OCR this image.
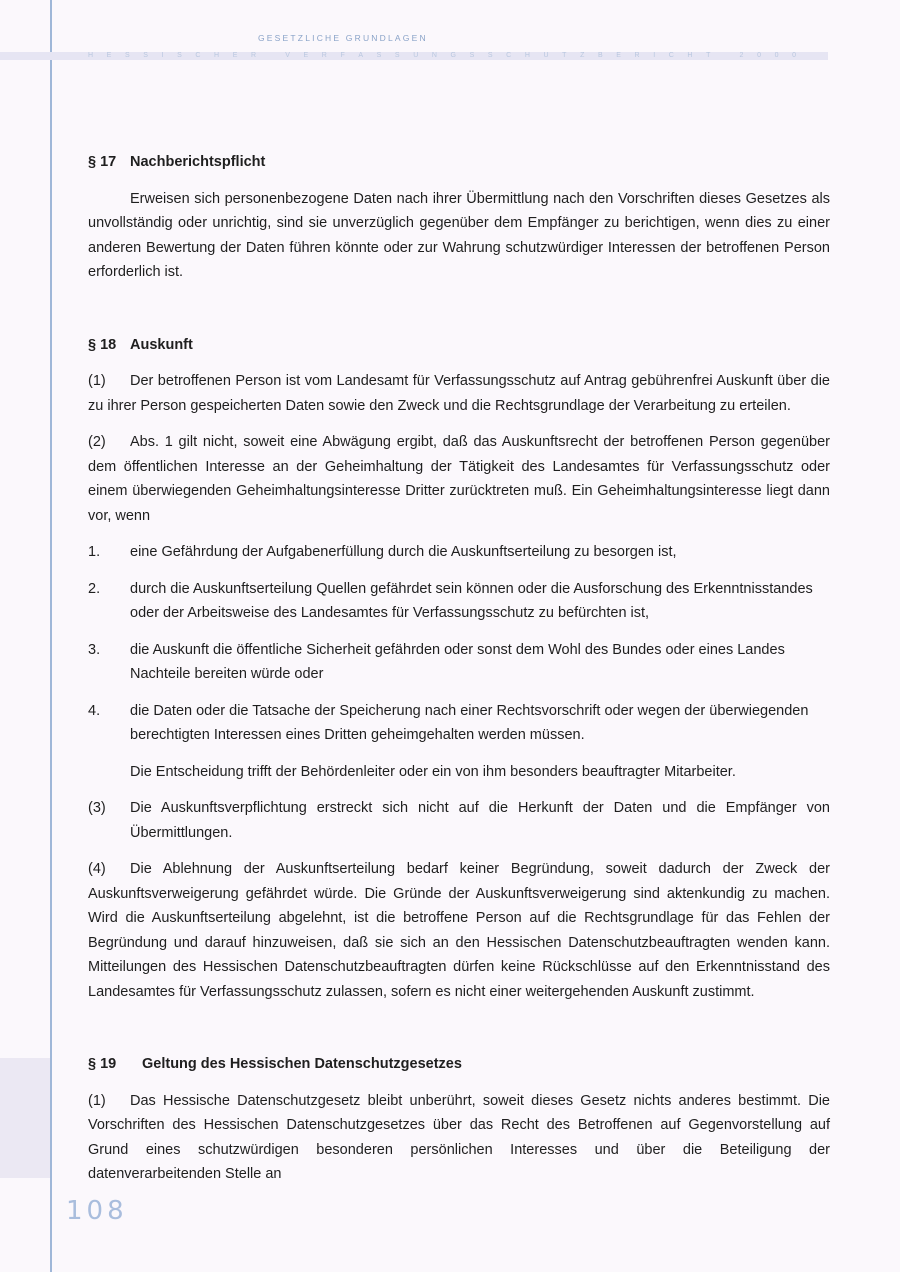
GESETZLICHE GRUNDLAGEN
H E S S I S C H E R
	V E R F A S S U N G S S C H U T Z B E R I C H T
	2 0 0 0

§ 17 Nachberichtspflicht

Erweisen sich personenbezogene Daten nach ihrer Übermittlung nach den Vorschriften dieses Gesetzes als unvollständig oder unrichtig, sind sie unverzüglich gegenüber dem Empfänger zu berichtigen, wenn dies zu einer anderen Bewertung der Daten führen könnte oder zur Wahrung schutzwürdiger Interessen der betroffenen Person erforderlich ist.

§ 18 Auskunft

(1) Der betroffenen Person ist vom Landesamt für Verfassungsschutz auf Antrag gebührenfrei Auskunft über die zu ihrer Person gespeicherten Daten sowie den Zweck und die Rechtsgrundlage der Verarbeitung zu erteilen.

(2) Abs. 1 gilt nicht, soweit eine Abwägung ergibt, daß das Auskunftsrecht der betroffenen Person gegenüber dem öffentlichen Interesse an der Geheimhaltung der Tätigkeit des Landesamtes für Verfassungsschutz oder einem überwiegenden Geheimhaltungsinteresse Dritter zurücktreten muß. Ein Geheimhaltungsinteresse liegt dann vor, wenn

1. eine Gefährdung der Aufgabenerfüllung durch die Auskunftserteilung zu besorgen ist,

2. durch die Auskunftserteilung Quellen gefährdet sein können oder die Ausforschung des Erkenntnisstandes oder der Arbeitsweise des Landesamtes für Verfassungsschutz zu befürchten ist,

3. die Auskunft die öffentliche Sicherheit gefährden oder sonst dem Wohl des Bundes oder eines Landes Nachteile bereiten würde oder

4. die Daten oder die Tatsache der Speicherung nach einer Rechtsvorschrift oder wegen der überwiegenden berechtigten Interessen eines Dritten geheimgehalten werden müssen.

Die Entscheidung trifft der Behördenleiter oder ein von ihm besonders beauftragter Mitarbeiter.

(3) Die Auskunftsverpflichtung erstreckt sich nicht auf die Herkunft der Daten und die Empfänger von Übermittlungen.

(4) Die Ablehnung der Auskunftserteilung bedarf keiner Begründung, soweit dadurch der Zweck der Auskunftsverweigerung gefährdet würde. Die Gründe der Auskunftsverweigerung sind aktenkundig zu machen. Wird die Auskunftserteilung abgelehnt, ist die betroffene Person auf die Rechtsgrundlage für das Fehlen der Begründung und darauf hinzuweisen, daß sie sich an den Hessischen Datenschutzbeauftragten wenden kann. Mitteilungen des Hessischen Datenschutzbeauftragten dürfen keine Rückschlüsse auf den Erkenntnisstand des Landesamtes für Verfassungsschutz zulassen, sofern es nicht einer weitergehenden Auskunft zustimmt.

§ 19 Geltung des Hessischen Datenschutzgesetzes

(1) Das Hessische Datenschutzgesetz bleibt unberührt, soweit dieses Gesetz nichts anderes bestimmt. Die Vorschriften des Hessischen Datenschutzgesetzes über das Recht des Betroffenen auf Gegenvorstellung auf Grund eines schutzwürdigen besonderen persönlichen Interesses und über die Beteiligung der datenverarbeitenden Stelle an

108
